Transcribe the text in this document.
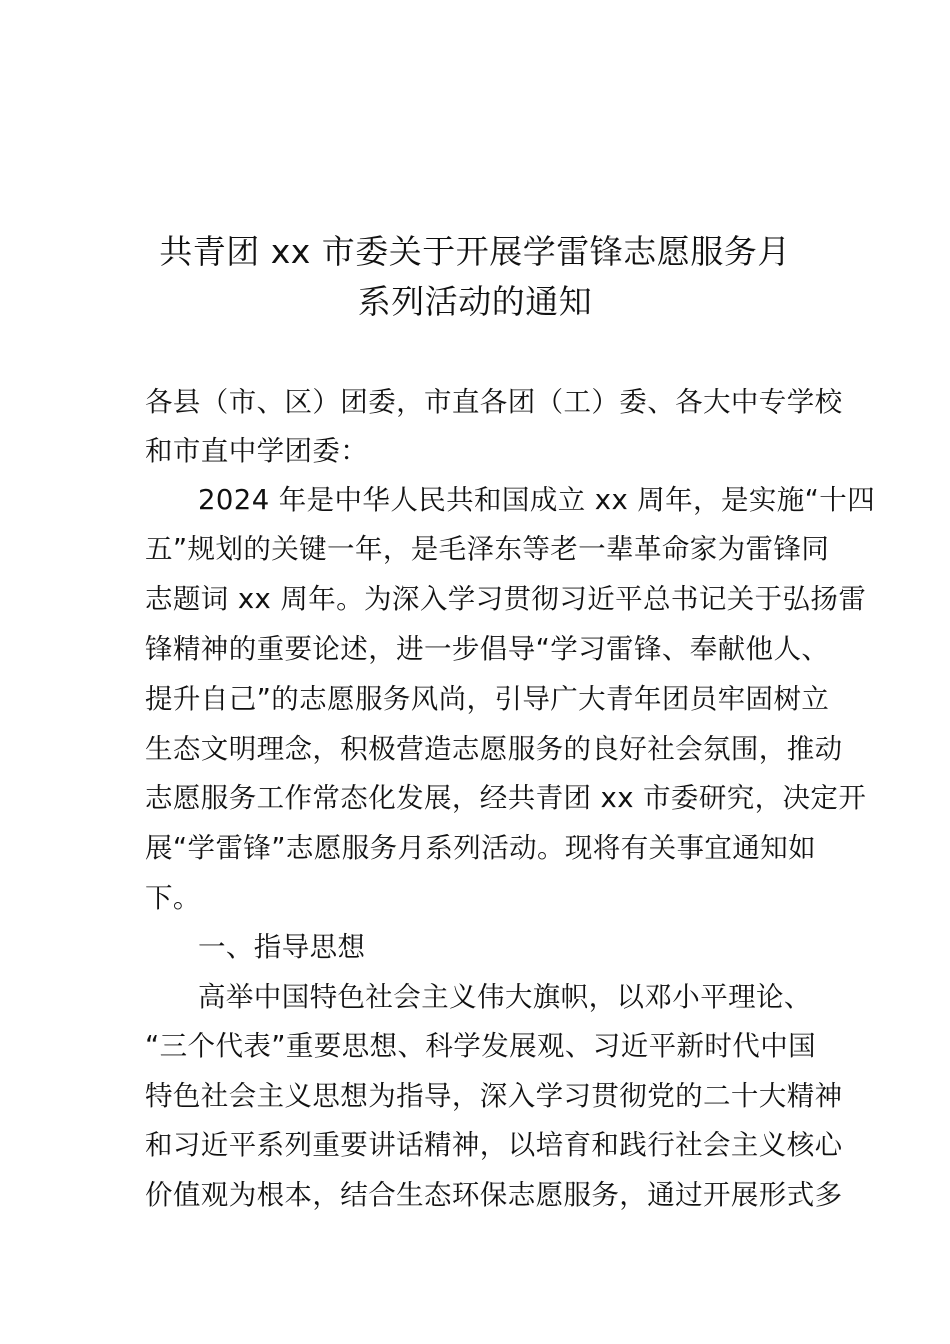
共青团 xx 市委关于开展学雷锋志愿服务月
系列活动的通知
各县（市、区）团委，市直各团（工）委、各大中专学校
和市直中学团委：
2024 年是中华人民共和国成立 xx 周年，是实施“十四
五”规划的关键一年，是毛泽东等老一辈革命家为雷锋同
志题词 xx 周年。为深入学习贯彻习近平总书记关于弘扬雷
锋精神的重要论述，进一步倡导“学习雷锋、奉献他人、
提升自己”的志愿服务风尚，引导广大青年团员牢固树立
生态文明理念，积极营造志愿服务的良好社会氛围，推动
志愿服务工作常态化发展，经共青团 xx 市委研究，决定开
展“学雷锋”志愿服务月系列活动。现将有关事宜通知如
下。
一、指导思想
高举中国特色社会主义伟大旗帜，以邓小平理论、
“三个代表”重要思想、科学发展观、习近平新时代中国
特色社会主义思想为指导，深入学习贯彻党的二十大精神
和习近平系列重要讲话精神，以培育和践行社会主义核心
价值观为根本，结合生态环保志愿服务，通过开展形式多
